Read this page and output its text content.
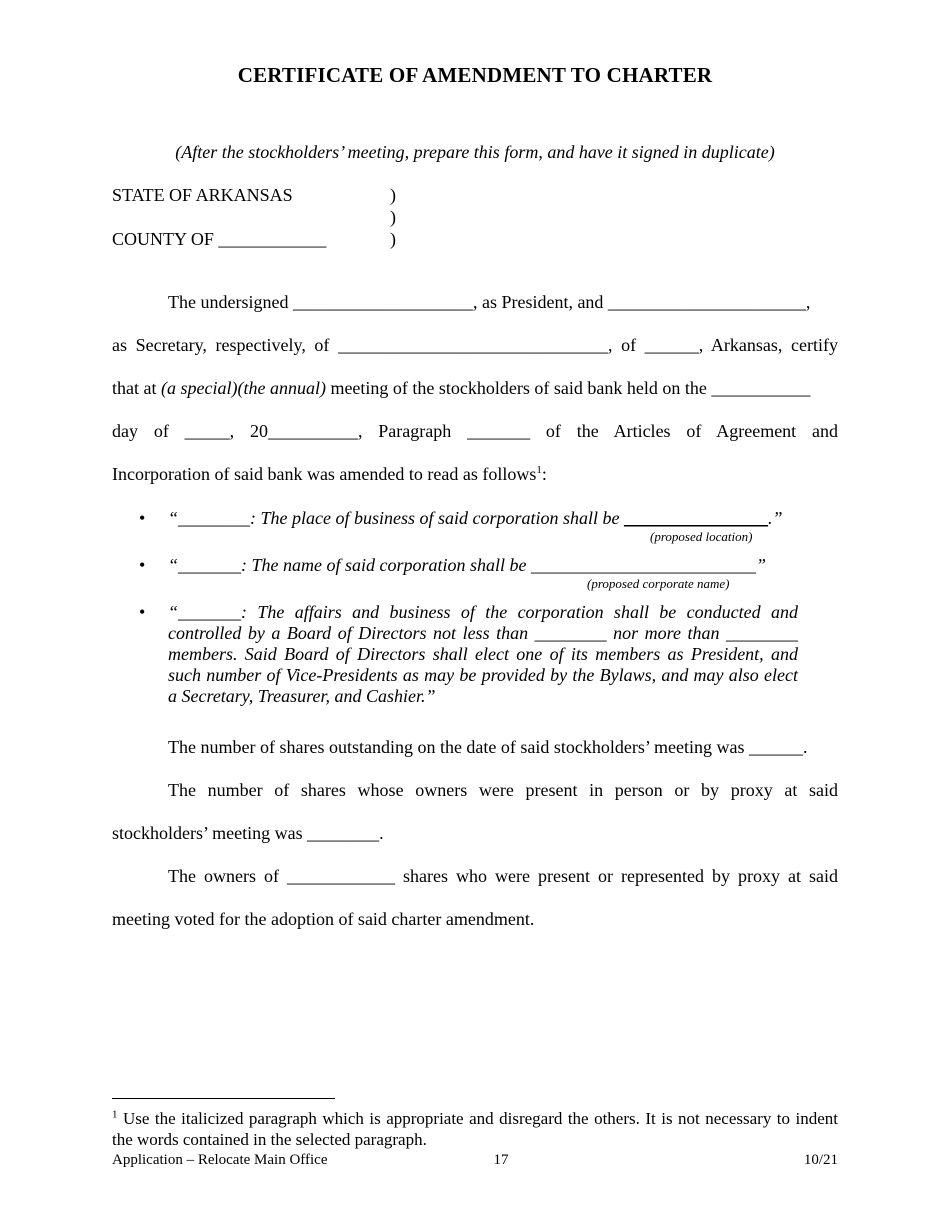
CERTIFICATE OF AMENDMENT TO CHARTER
(After the stockholders’ meeting, prepare this form, and have it signed in duplicate)
STATE OF ARKANSAS	)
)
COUNTY OF ____________	)
The undersigned ____________________, as President, and ______________________,
as Secretary, respectively, of ______________________________, of ______, Arkansas, certify
that at (a special)(the annual) meeting of the stockholders of said bank held on the ___________
day of _____, 20__________, Paragraph _______ of the Articles of Agreement and
Incorporation of said bank was amended to read as follows$^1$:
• “________: The place of business of said corporation shall be ________________.”
(proposed location)
• “_______: The name of said corporation shall be _________________________”
(proposed corporate name)
• “_______: The affairs and business of the corporation shall be conducted and controlled by a Board of Directors not less than ________ nor more than ________ members. Said Board of Directors shall elect one of its members as President, and such number of Vice-Presidents as may be provided by the Bylaws, and may also elect a Secretary, Treasurer, and Cashier.”
The number of shares outstanding on the date of said stockholders’ meeting was ______.
The number of shares whose owners were present in person or by proxy at said
stockholders’ meeting was ________.
The owners of ____________ shares who were present or represented by proxy at said
meeting voted for the adoption of said charter amendment.
$^1$ Use the italicized paragraph which is appropriate and disregard the others. It is not necessary to indent the words contained in the selected paragraph.
Application – Relocate Main Office	17	10/21
